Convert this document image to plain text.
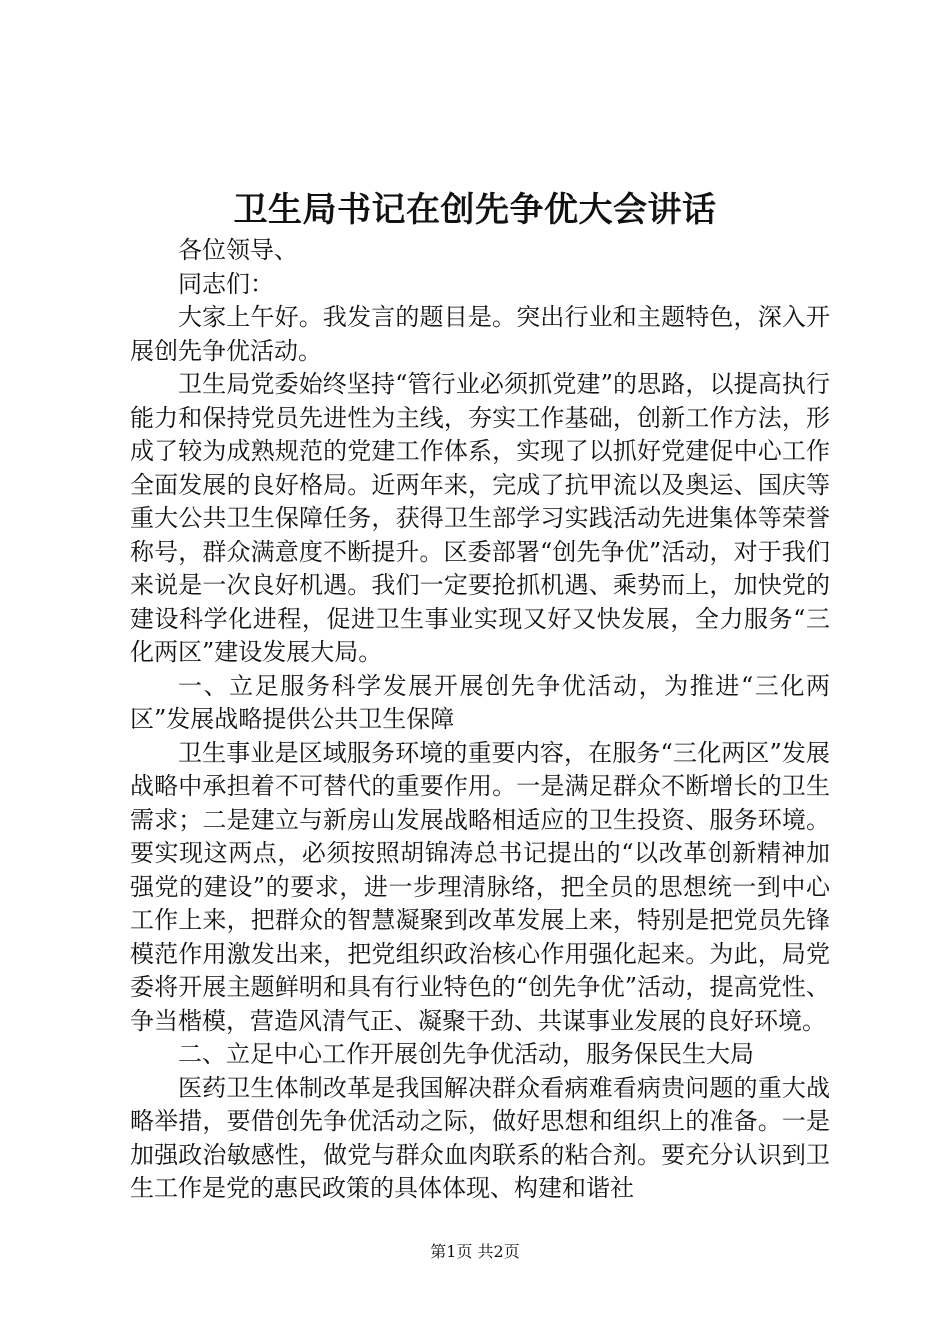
卫生局书记在创先争优大会讲话

各位领导、

同志们：

大家上午好。我发言的题目是。突出行业和主题特色，深入开展创先争优活动。

卫生局党委始终坚持“管行业必须抓党建”的思路，以提高执行能力和保持党员先进性为主线，夯实工作基础，创新工作方法，形成了较为成熟规范的党建工作体系，实现了以抓好党建促中心工作全面发展的良好格局。近两年来，完成了抗甲流以及奥运、国庆等重大公共卫生保障任务，获得卫生部学习实践活动先进集体等荣誉称号，群众满意度不断提升。区委部署“创先争优”活动，对于我们来说是一次良好机遇。我们一定要抢抓机遇、乘势而上，加快党的建设科学化进程，促进卫生事业实现又好又快发展，全力服务“三化两区”建设发展大局。

一、立足服务科学发展开展创先争优活动，为推进“三化两区”发展战略提供公共卫生保障

卫生事业是区域服务环境的重要内容，在服务“三化两区”发展战略中承担着不可替代的重要作用。一是满足群众不断增长的卫生需求；二是建立与新房山发展战略相适应的卫生投资、服务环境。要实现这两点，必须按照胡锦涛总书记提出的“以改革创新精神加强党的建设”的要求，进一步理清脉络，把全员的思想统一到中心工作上来，把群众的智慧凝聚到改革发展上来，特别是把党员先锋模范作用激发出来，把党组织政治核心作用强化起来。为此，局党委将开展主题鲜明和具有行业特色的“创先争优”活动，提高党性、争当楷模，营造风清气正、凝聚干劲、共谋事业发展的良好环境。

二、立足中心工作开展创先争优活动，服务保民生大局

医药卫生体制改革是我国解决群众看病难看病贵问题的重大战略举措，要借创先争优活动之际，做好思想和组织上的准备。一是加强政治敏感性，做党与群众血肉联系的粘合剂。要充分认识到卫生工作是党的惠民政策的具体体现、构建和谐社

第1页 共2页
